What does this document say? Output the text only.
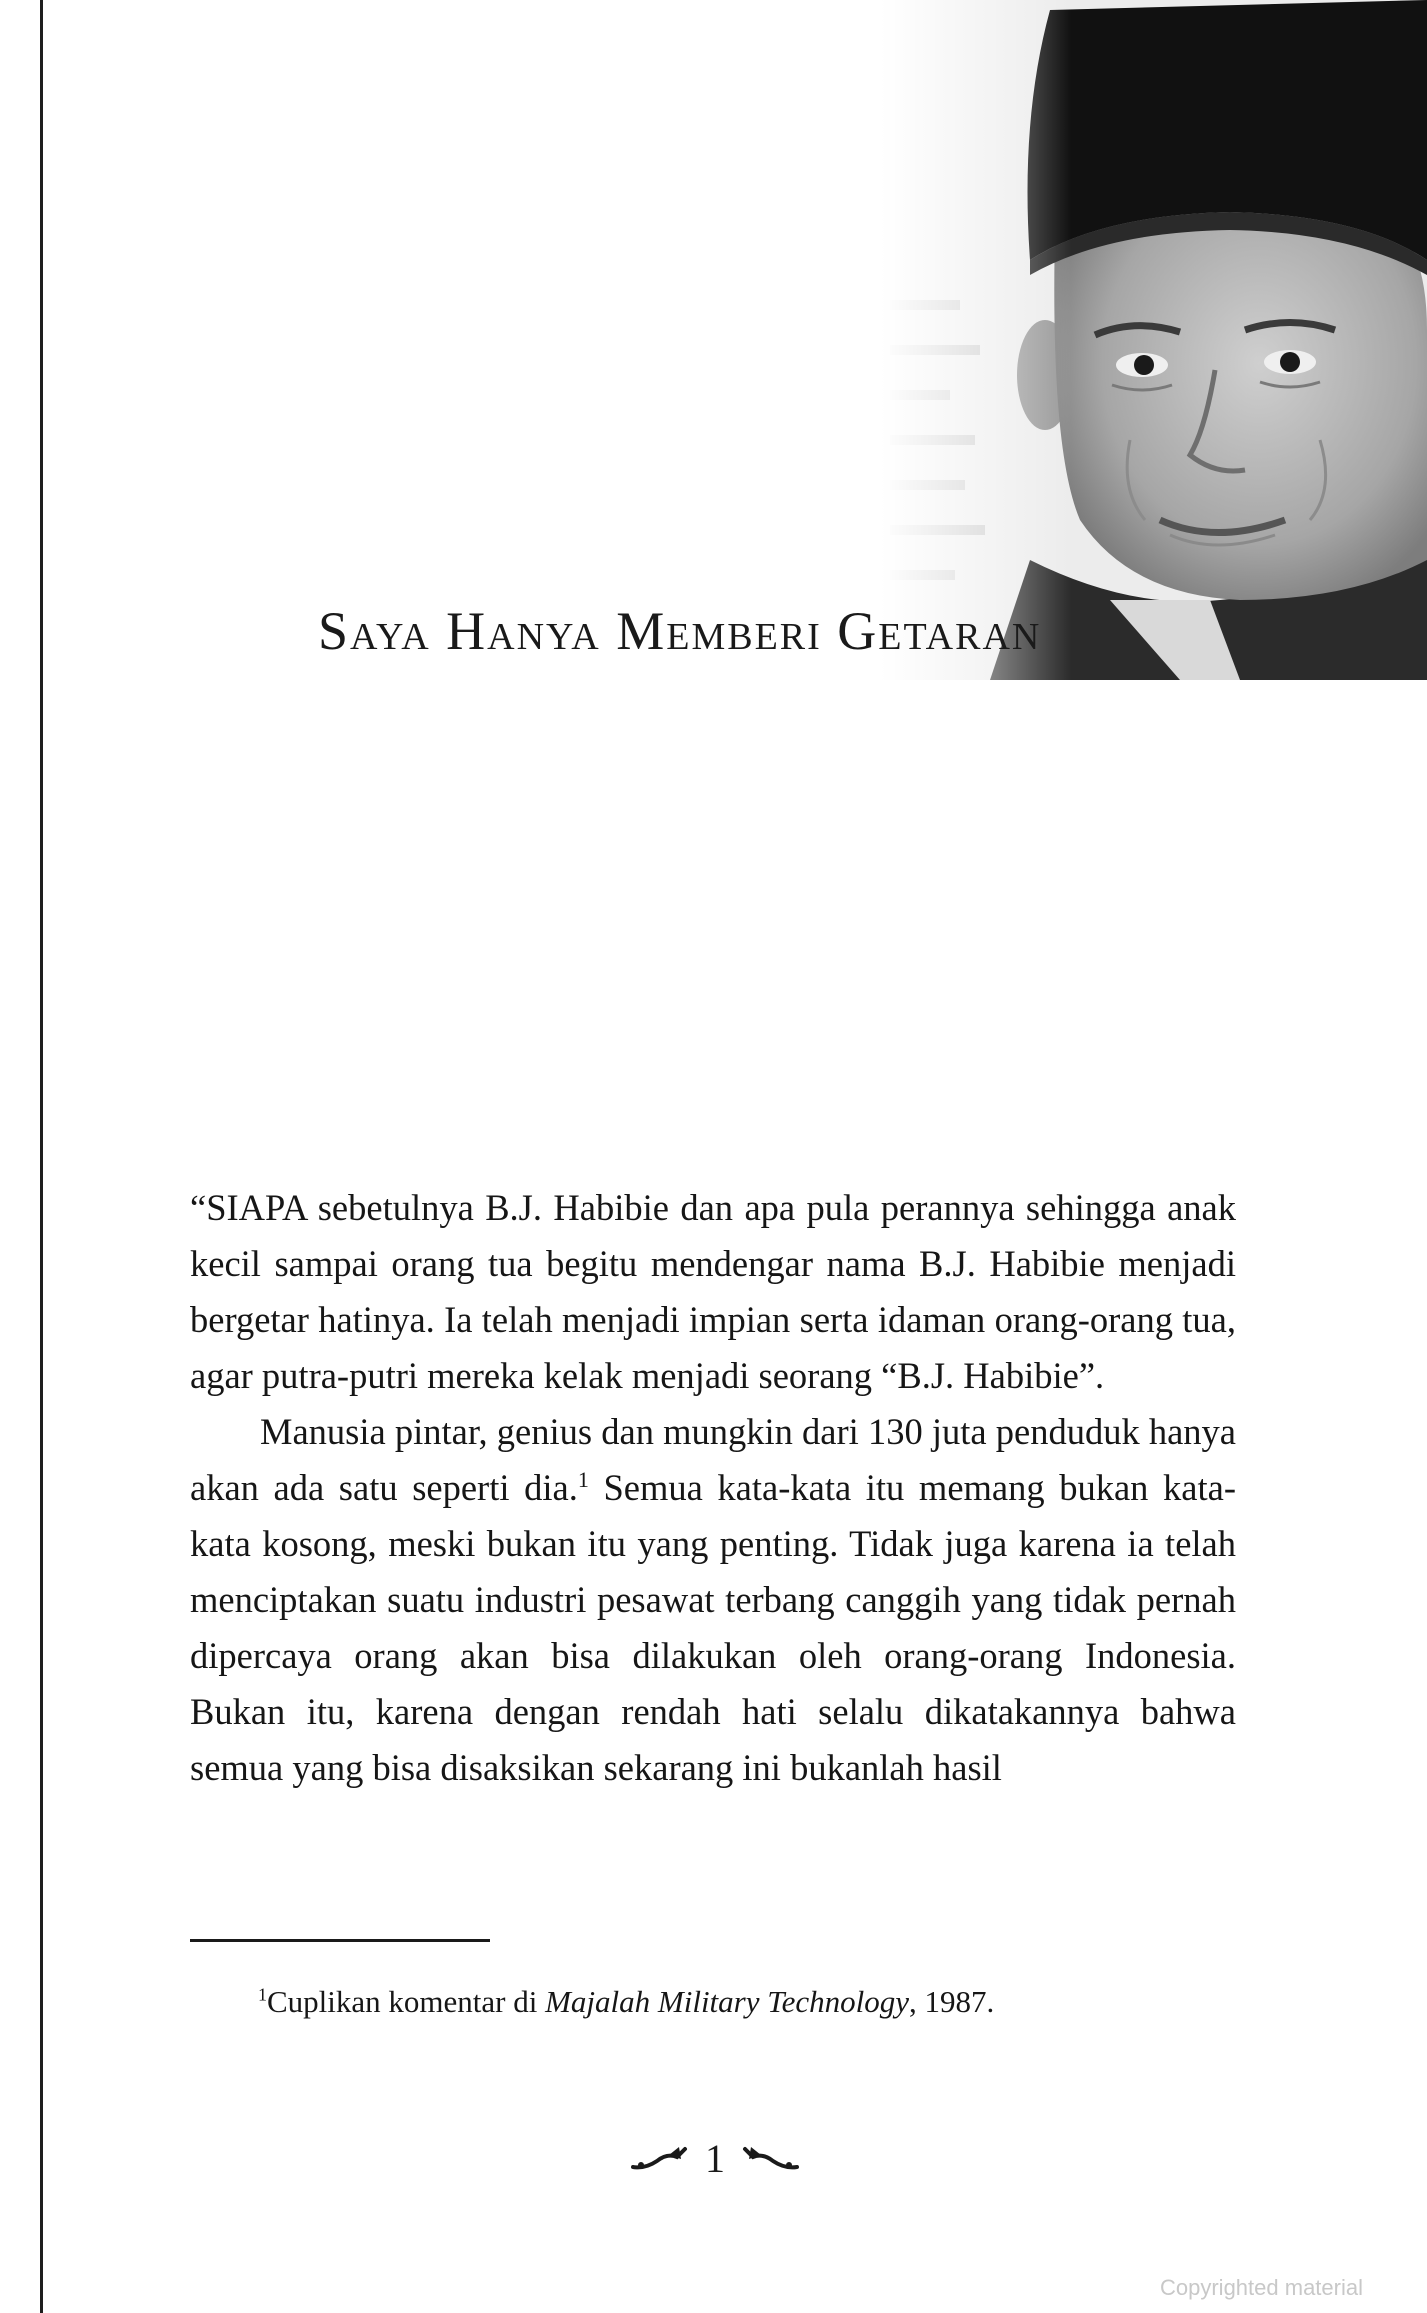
Saya Hanya Memberi Getaran

“SIAPA sebetulnya B.J. Habibie dan apa pula perannya sehingga anak kecil sampai orang tua begitu mendengar nama B.J. Habibie menjadi bergetar hatinya. Ia telah menjadi impian serta idaman orang-orang tua, agar putra-putri mereka kelak menjadi seorang “B.J. Habibie”.

Manusia pintar, genius dan mungkin dari 130 juta penduduk hanya akan ada satu seperti dia.$^1$ Semua kata-kata itu memang bukan kata-kata kosong, meski bukan itu yang penting. Tidak juga karena ia telah menciptakan suatu industri pesawat terbang canggih yang tidak pernah dipercaya orang akan bisa dilakukan oleh orang-orang Indonesia. Bukan itu, karena dengan rendah hati selalu dikatakannya bahwa semua yang bisa disaksikan sekarang ini bukanlah hasil

$^1$Cuplikan komentar di Majalah Military Technology, 1987.
1
Copyrighted material
